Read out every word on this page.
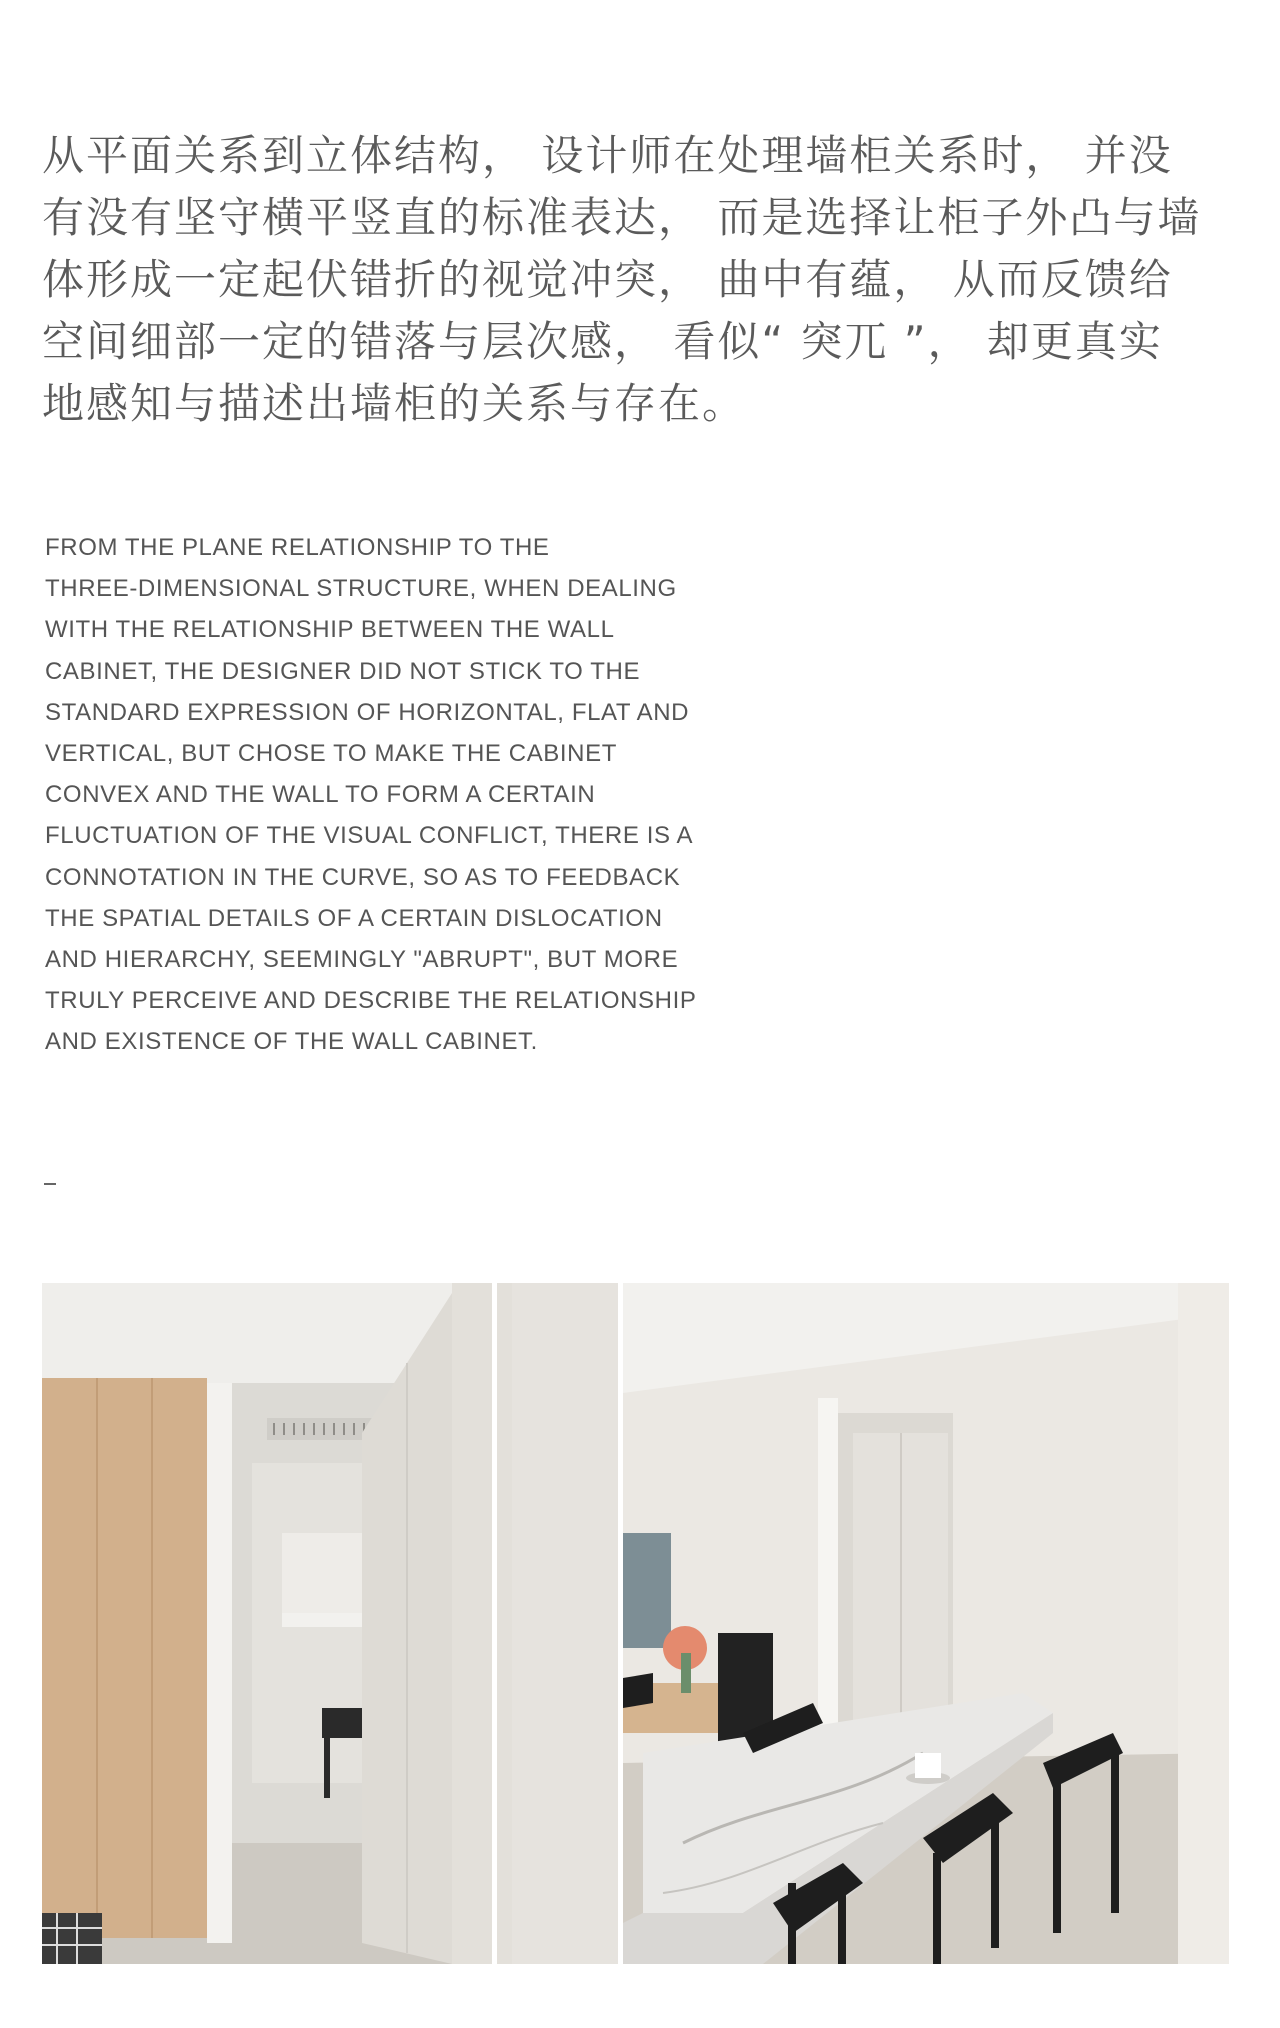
从平面关系到立体结构， 设计师在处理墙柜关系时， 并没
有没有坚守横平竖直的标准表达， 而是选择让柜子外凸与墙
体形成一定起伏错折的视觉冲突， 曲中有蕴， 从而反馈给
空间细部一定的错落与层次感， 看似“ 突兀 ”， 却更真实
地感知与描述出墙柜的关系与存在。
FROM THE PLANE RELATIONSHIP TO THE
THREE-DIMENSIONAL STRUCTURE, WHEN DEALING
WITH THE RELATIONSHIP BETWEEN THE WALL
CABINET, THE DESIGNER DID NOT STICK TO THE
STANDARD EXPRESSION OF HORIZONTAL, FLAT AND
VERTICAL, BUT CHOSE TO MAKE THE CABINET
CONVEX AND THE WALL TO FORM A CERTAIN
FLUCTUATION OF THE VISUAL CONFLICT, THERE IS A
CONNOTATION IN THE CURVE, SO AS TO FEEDBACK
THE SPATIAL DETAILS OF A CERTAIN DISLOCATION
AND HIERARCHY, SEEMINGLY "ABRUPT", BUT MORE
TRULY PERCEIVE AND DESCRIBE THE RELATIONSHIP
AND EXISTENCE OF THE WALL CABINET.
